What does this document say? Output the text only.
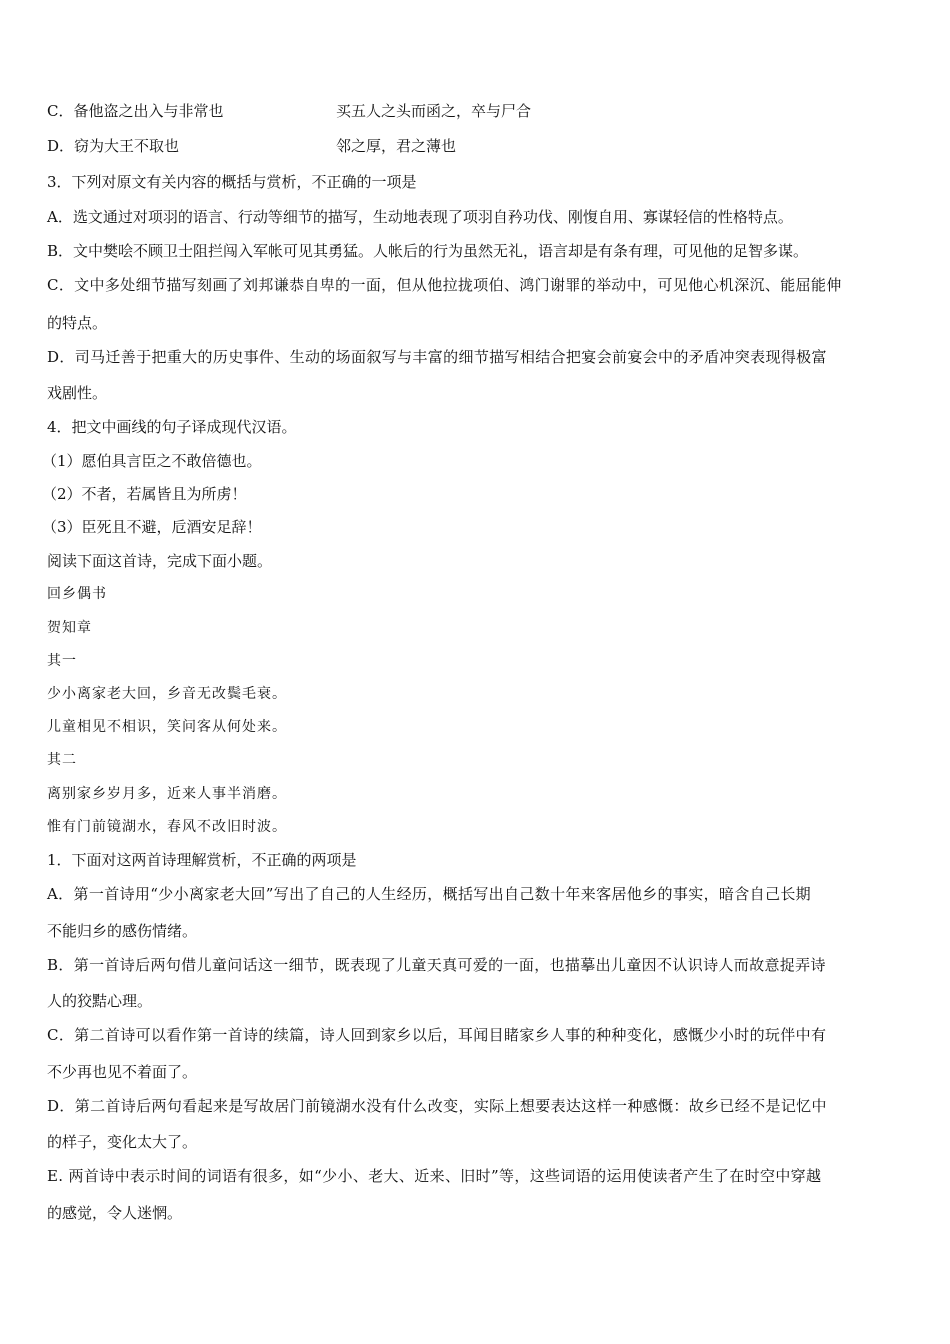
C．备他盗之出入与非常也	买五人之头而函之，卒与尸合
D．窃为大王不取也	邻之厚，君之薄也
3．下列对原文有关内容的概括与赏析，不正确的一项是
A．选文通过对项羽的语言、行动等细节的描写，生动地表现了项羽自矜功伐、刚愎自用、寡谋轻信的性格特点。
B．文中樊哙不顾卫士阻拦闯入军帐可见其勇猛。人帐后的行为虽然无礼，语言却是有条有理，可见他的足智多谋。
C．文中多处细节描写刻画了刘邦谦恭自卑的一面，但从他拉拢项伯、鸿门谢罪的举动中，可见他心机深沉、能屈能伸
的特点。
D．司马迁善于把重大的历史事件、生动的场面叙写与丰富的细节描写相结合把宴会前宴会中的矛盾冲突表现得极富
戏剧性。
4．把文中画线的句子译成现代汉语。
（1）愿伯具言臣之不敢倍德也。
（2）不者，若属皆且为所虏！
（3）臣死且不避，卮酒安足辞！
阅读下面这首诗，完成下面小题。
回乡偶书
贺知章
其一
少小离家老大回，乡音无改鬓毛衰。
儿童相见不相识，笑问客从何处来。
其二
离别家乡岁月多，近来人事半消磨。
惟有门前镜湖水，春风不改旧时波。
1．下面对这两首诗理解赏析，不正确的两项是
A．第一首诗用“少小离家老大回”写出了自己的人生经历，概括写出自己数十年来客居他乡的事实，暗含自己长期
不能归乡的感伤情绪。
B．第一首诗后两句借儿童问话这一细节，既表现了儿童天真可爱的一面，也描摹出儿童因不认识诗人而故意捉弄诗
人的狡黠心理。
C．第二首诗可以看作第一首诗的续篇，诗人回到家乡以后，耳闻目睹家乡人事的种种变化，感慨少小时的玩伴中有
不少再也见不着面了。
D．第二首诗后两句看起来是写故居门前镜湖水没有什么改变，实际上想要表达这样一种感慨：故乡已经不是记忆中
的样子，变化太大了。
E. 两首诗中表示时间的词语有很多，如“少小、老大、近来、旧时”等，这些词语的运用使读者产生了在时空中穿越
的感觉，令人迷惘。
